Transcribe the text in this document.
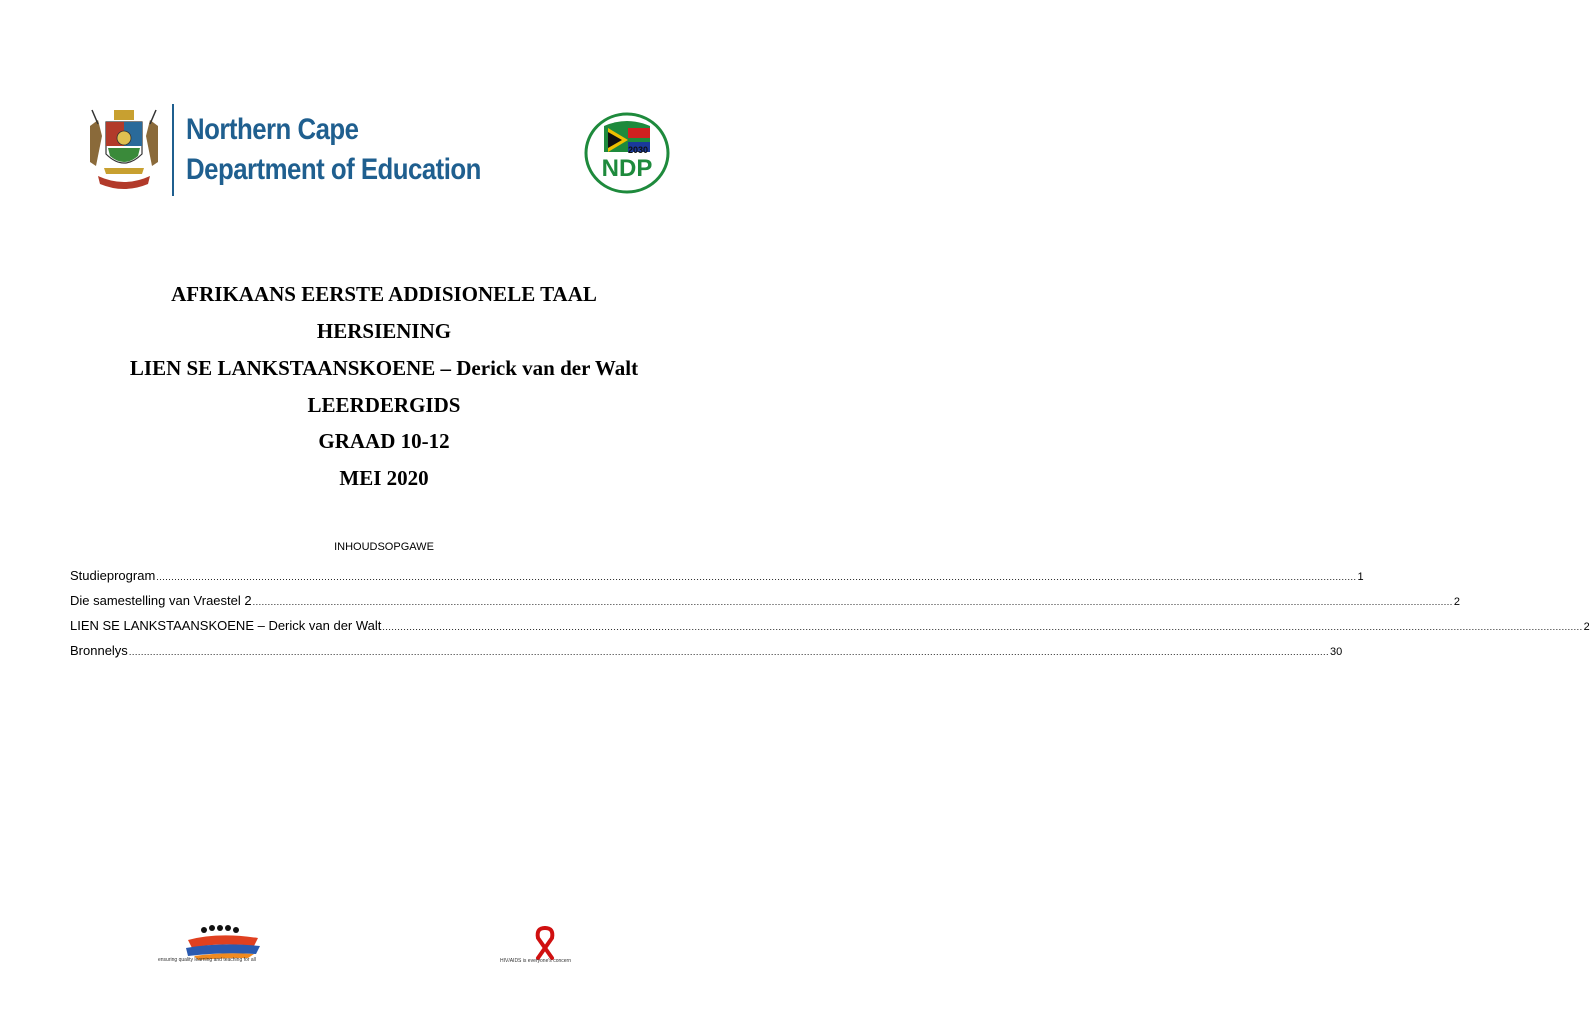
Northern Cape
Department of Education
2030
NDP
AFRIKAANS EERSTE ADDISIONELE TAAL
HERSIENING
LIEN SE LANKSTAANSKOENE – Derick van der Walt
LEERDERGIDS
GRAAD 10-12
MEI 2020
INHOUDSOPGAWE
Studieprogram ................................................................................................................................................................................................................................................................................................................................................................................................................ 1
Die samestelling van Vraestel 2 ................................................................................................................................................................................................................................................................................................................................................................................................................ 2
LIEN SE LANKSTAANSKOENE – Derick van der Walt ................................................................................................................................................................................................................................................................................................................................................................................................................ 2
Bronnelys ................................................................................................................................................................................................................................................................................................................................................................................................................ 30
ensuring quality learning and teaching for all	HIV/AIDS is everyone's concern
